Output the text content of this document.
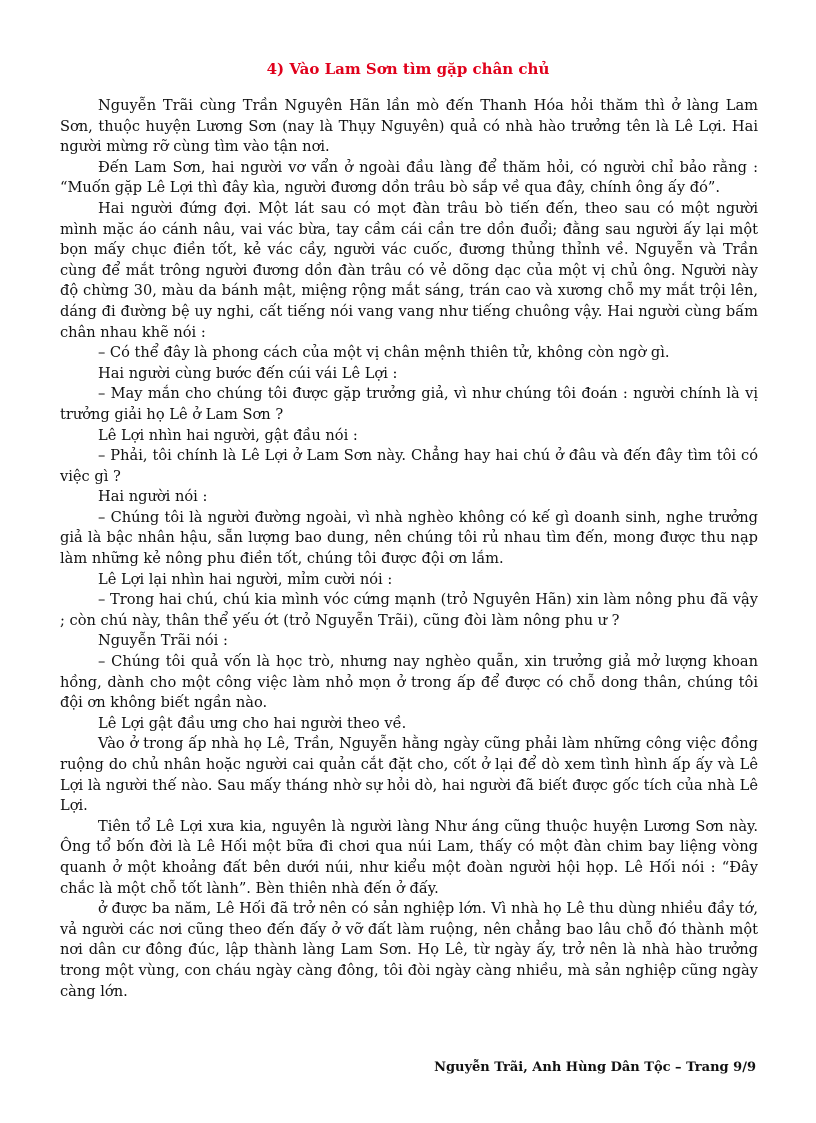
4) Vào Lam Sơn tìm gặp chân chủ

Nguyễn Trãi cùng Trần Nguyên Hãn lần mò đến Thanh Hóa hỏi thăm thì ở làng Lam Sơn, thuộc huyện Lương Sơn (nay là Thụy Nguyên) quả có nhà hào trưởng tên là Lê Lợi. Hai người mừng rỡ cùng tìm vào tận nơi.

Đến Lam Sơn, hai người vơ vẩn ở ngoài đầu làng để thăm hỏi, có người chỉ bảo rằng : “Muốn gặp Lê Lợi thì đây kìa, người đương dồn trâu bò sắp về qua đây, chính ông ấy đó”.

Hai người đứng đợi. Một lát sau có mọt đàn trâu bò tiến đến, theo sau có một người mình mặc áo cánh nâu, vai vác bừa, tay cầm cái cần tre dồn đuổi; đằng sau người ấy lại một bọn mấy chục điền tốt, kẻ vác cầy, người vác cuốc, đương thủng thỉnh về. Nguyễn và Trần cùng để mắt trông người đương dồn đàn trâu có vẻ dõng dạc của một vị chủ ông. Người này độ chừng 30, màu da bánh mật, miệng rộng mắt sáng, trán cao và xương chỗ my mắt trội lên, dáng đi đường bệ uy nghi, cất tiếng nói vang vang như tiếng chuông vậy. Hai người cùng bấm chân nhau khẽ nói :

– Có thể đây là phong cách của một vị chân mệnh thiên tử, không còn ngờ gì.

Hai người cùng bước đến cúi vái Lê Lợi :

– May mắn cho chúng tôi được gặp trưởng giả, vì như chúng tôi đoán : người chính là vị trưởng giải họ Lê ở Lam Sơn ?

Lê Lợi nhìn hai người, gật đầu nói :

– Phải, tôi chính là Lê Lợi ở Lam Sơn này. Chẳng hay hai chú ở đâu và đến đây tìm tôi có việc gì ?

Hai người nói :

– Chúng tôi là người đường ngoài, vì nhà nghèo không có kế gì doanh sinh, nghe trưởng giả là bậc nhân hậu, sẵn lượng bao dung, nên chúng tôi rủ nhau tìm đến, mong được thu nạp làm những kẻ nông phu điền tốt, chúng tôi được đội ơn lắm.

Lê Lợi lại nhìn hai người, mỉm cười nói :

– Trong hai chú, chú kia mình vóc cứng mạnh (trỏ Nguyên Hãn) xin làm nông phu đã vậy ; còn chú này, thân thể yếu ớt (trỏ Nguyễn Trãi), cũng đòi làm nông phu ư ?

Nguyễn Trãi nói :

– Chúng tôi quả vốn là học trò, nhưng nay nghèo quẫn, xin trưởng giả mở lượng khoan hồng, dành cho một công việc làm nhỏ mọn ở trong ấp để được có chỗ dong thân, chúng tôi đội ơn không biết ngần nào.

Lê Lợi gật đầu ưng cho hai người theo về.

Vào ở trong ấp nhà họ Lê, Trần, Nguyễn hằng ngày cũng phải làm những công việc đồng ruộng do chủ nhân hoặc người cai quản cắt đặt cho, cốt ở lại để dò xem tình hình ấp ấy và Lê Lợi là người thế nào. Sau mấy tháng nhờ sự hỏi dò, hai người đã biết được gốc tích của nhà Lê Lợi.

Tiên tổ Lê Lợi xưa kia, nguyên là người làng Như áng cũng thuộc huyện Lương Sơn này. Ông tổ bốn đời là Lê Hối một bữa đi chơi qua núi Lam, thấy có một đàn chim bay liệng vòng quanh ở một khoảng đất bên dưới núi, như kiểu một đoàn người hội họp. Lê Hối nói : “Đây chắc là một chỗ tốt lành”. Bèn thiên nhà đến ở đấy.

ở được ba năm, Lê Hối đã trở nên có sản nghiệp lớn. Vì nhà họ Lê thu dùng nhiều đầy tớ, vả người các nơi cũng theo đến đấy ở vỡ đất làm ruộng, nên chẳng bao lâu chỗ đó thành một nơi dân cư đông đúc, lập thành làng Lam Sơn. Họ Lê, từ ngày ấy, trở nên là nhà hào trưởng trong một vùng, con cháu ngày càng đông, tôi đòi ngày càng nhiều, mà sản nghiệp cũng ngày càng lớn.

Nguyễn Trãi, Anh Hùng Dân Tộc – Trang 9/9
